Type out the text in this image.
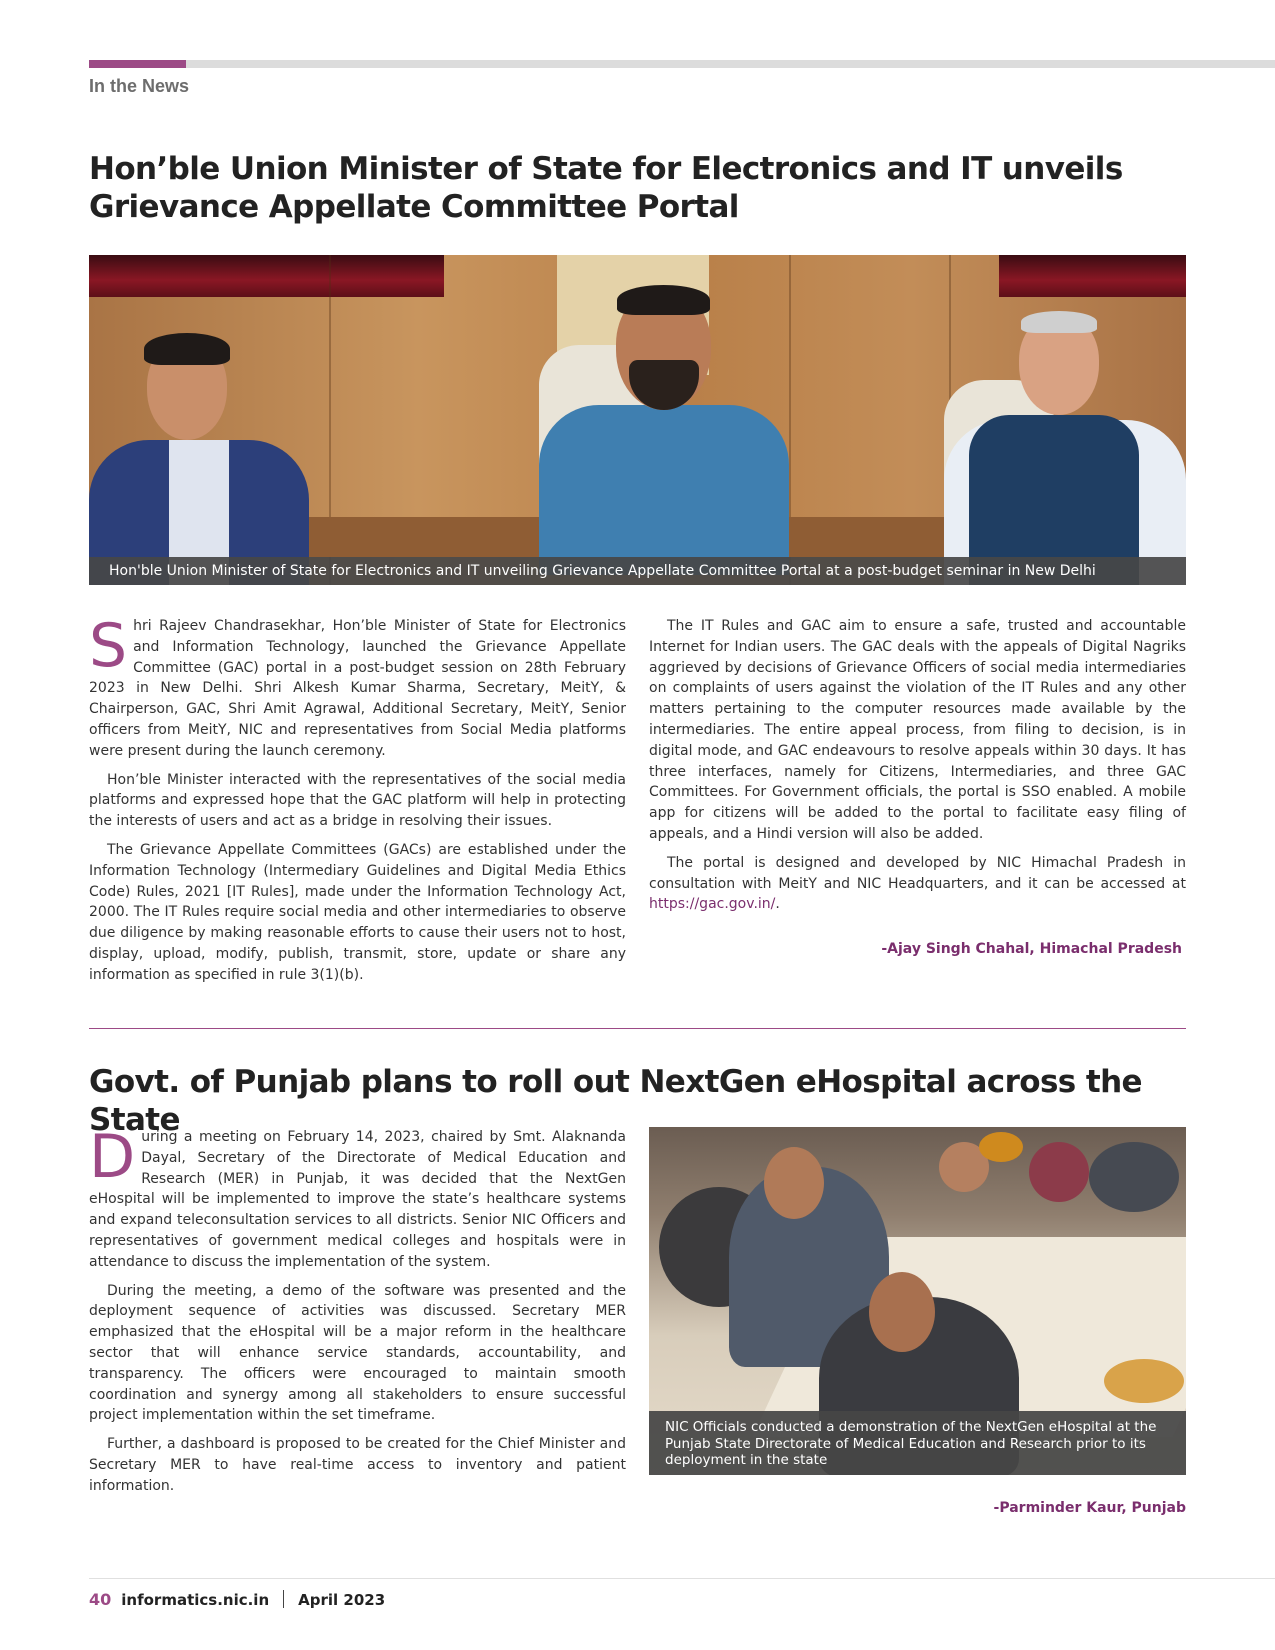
In the News
Hon’ble Union Minister of State for Electronics and IT unveils Grievance Appellate Committee Portal
Hon'ble Union Minister of State for Electronics and IT unveiling Grievance Appellate Committee Portal at a post-budget seminar in New Delhi

Shri Rajeev Chandrasekhar, Hon’ble Minister of State for Electronics and Information Technology, launched the Grievance Appellate Committee (GAC) portal in a post-budget session on 28th February 2023 in New Delhi. Shri Alkesh Kumar Sharma, Secretary, MeitY, & Chairperson, GAC, Shri Amit Agrawal, Additional Secretary, MeitY, Senior officers from MeitY, NIC and representatives from Social Media platforms were present during the launch ceremony.

Hon’ble Minister interacted with the representatives of the social media platforms and expressed hope that the GAC platform will help in protecting the interests of users and act as a bridge in resolving their issues.

The Grievance Appellate Committees (GACs) are established under the Information Technology (Intermediary Guidelines and Digital Media Ethics Code) Rules, 2021 [IT Rules], made under the Information Technology Act, 2000. The IT Rules require social media and other intermediaries to observe due diligence by making reasonable efforts to cause their users not to host, display, upload, modify, publish, transmit, store, update or share any information as specified in rule 3(1)(b).

The IT Rules and GAC aim to ensure a safe, trusted and accountable Internet for Indian users. The GAC deals with the appeals of Digital Nagriks aggrieved by decisions of Grievance Officers of social media intermediaries on complaints of users against the violation of the IT Rules and any other matters pertaining to the computer resources made available by the intermediaries. The entire appeal process, from filing to decision, is in digital mode, and GAC endeavours to resolve appeals within 30 days. It has three interfaces, namely for Citizens, Intermediaries, and three GAC Committees. For Government officials, the portal is SSO enabled. A mobile app for citizens will be added to the portal to facilitate easy filing of appeals, and a Hindi version will also be added.

The portal is designed and developed by NIC Himachal Pradesh in consultation with MeitY and NIC Headquarters, and it can be accessed at https://gac.gov.in/.

-Ajay Singh Chahal, Himachal Pradesh
Govt. of Punjab plans to roll out NextGen eHospital across the State

During a meeting on February 14, 2023, chaired by Smt. Alaknanda Dayal, Secretary of the Directorate of Medical Education and Research (MER) in Punjab, it was decided that the NextGen eHospital will be implemented to improve the state’s healthcare systems and expand teleconsultation services to all districts. Senior NIC Officers and representatives of government medical colleges and hospitals were in attendance to discuss the implementation of the system.

During the meeting, a demo of the software was presented and the deployment sequence of activities was discussed. Secretary MER emphasized that the eHospital will be a major reform in the healthcare sector that will enhance service standards, accountability, and transparency. The officers were encouraged to maintain smooth coordination and synergy among all stakeholders to ensure successful project implementation within the set timeframe.

Further, a dashboard is proposed to be created for the Chief Minister and Secretary MER to have real-time access to inventory and patient information.

NIC Officials conducted a demonstration of the NextGen eHospital at the Punjab State Directorate of Medical Education and Research prior to its deployment in the state
-Parminder Kaur, Punjab
40 informatics.nic.in April 2023
